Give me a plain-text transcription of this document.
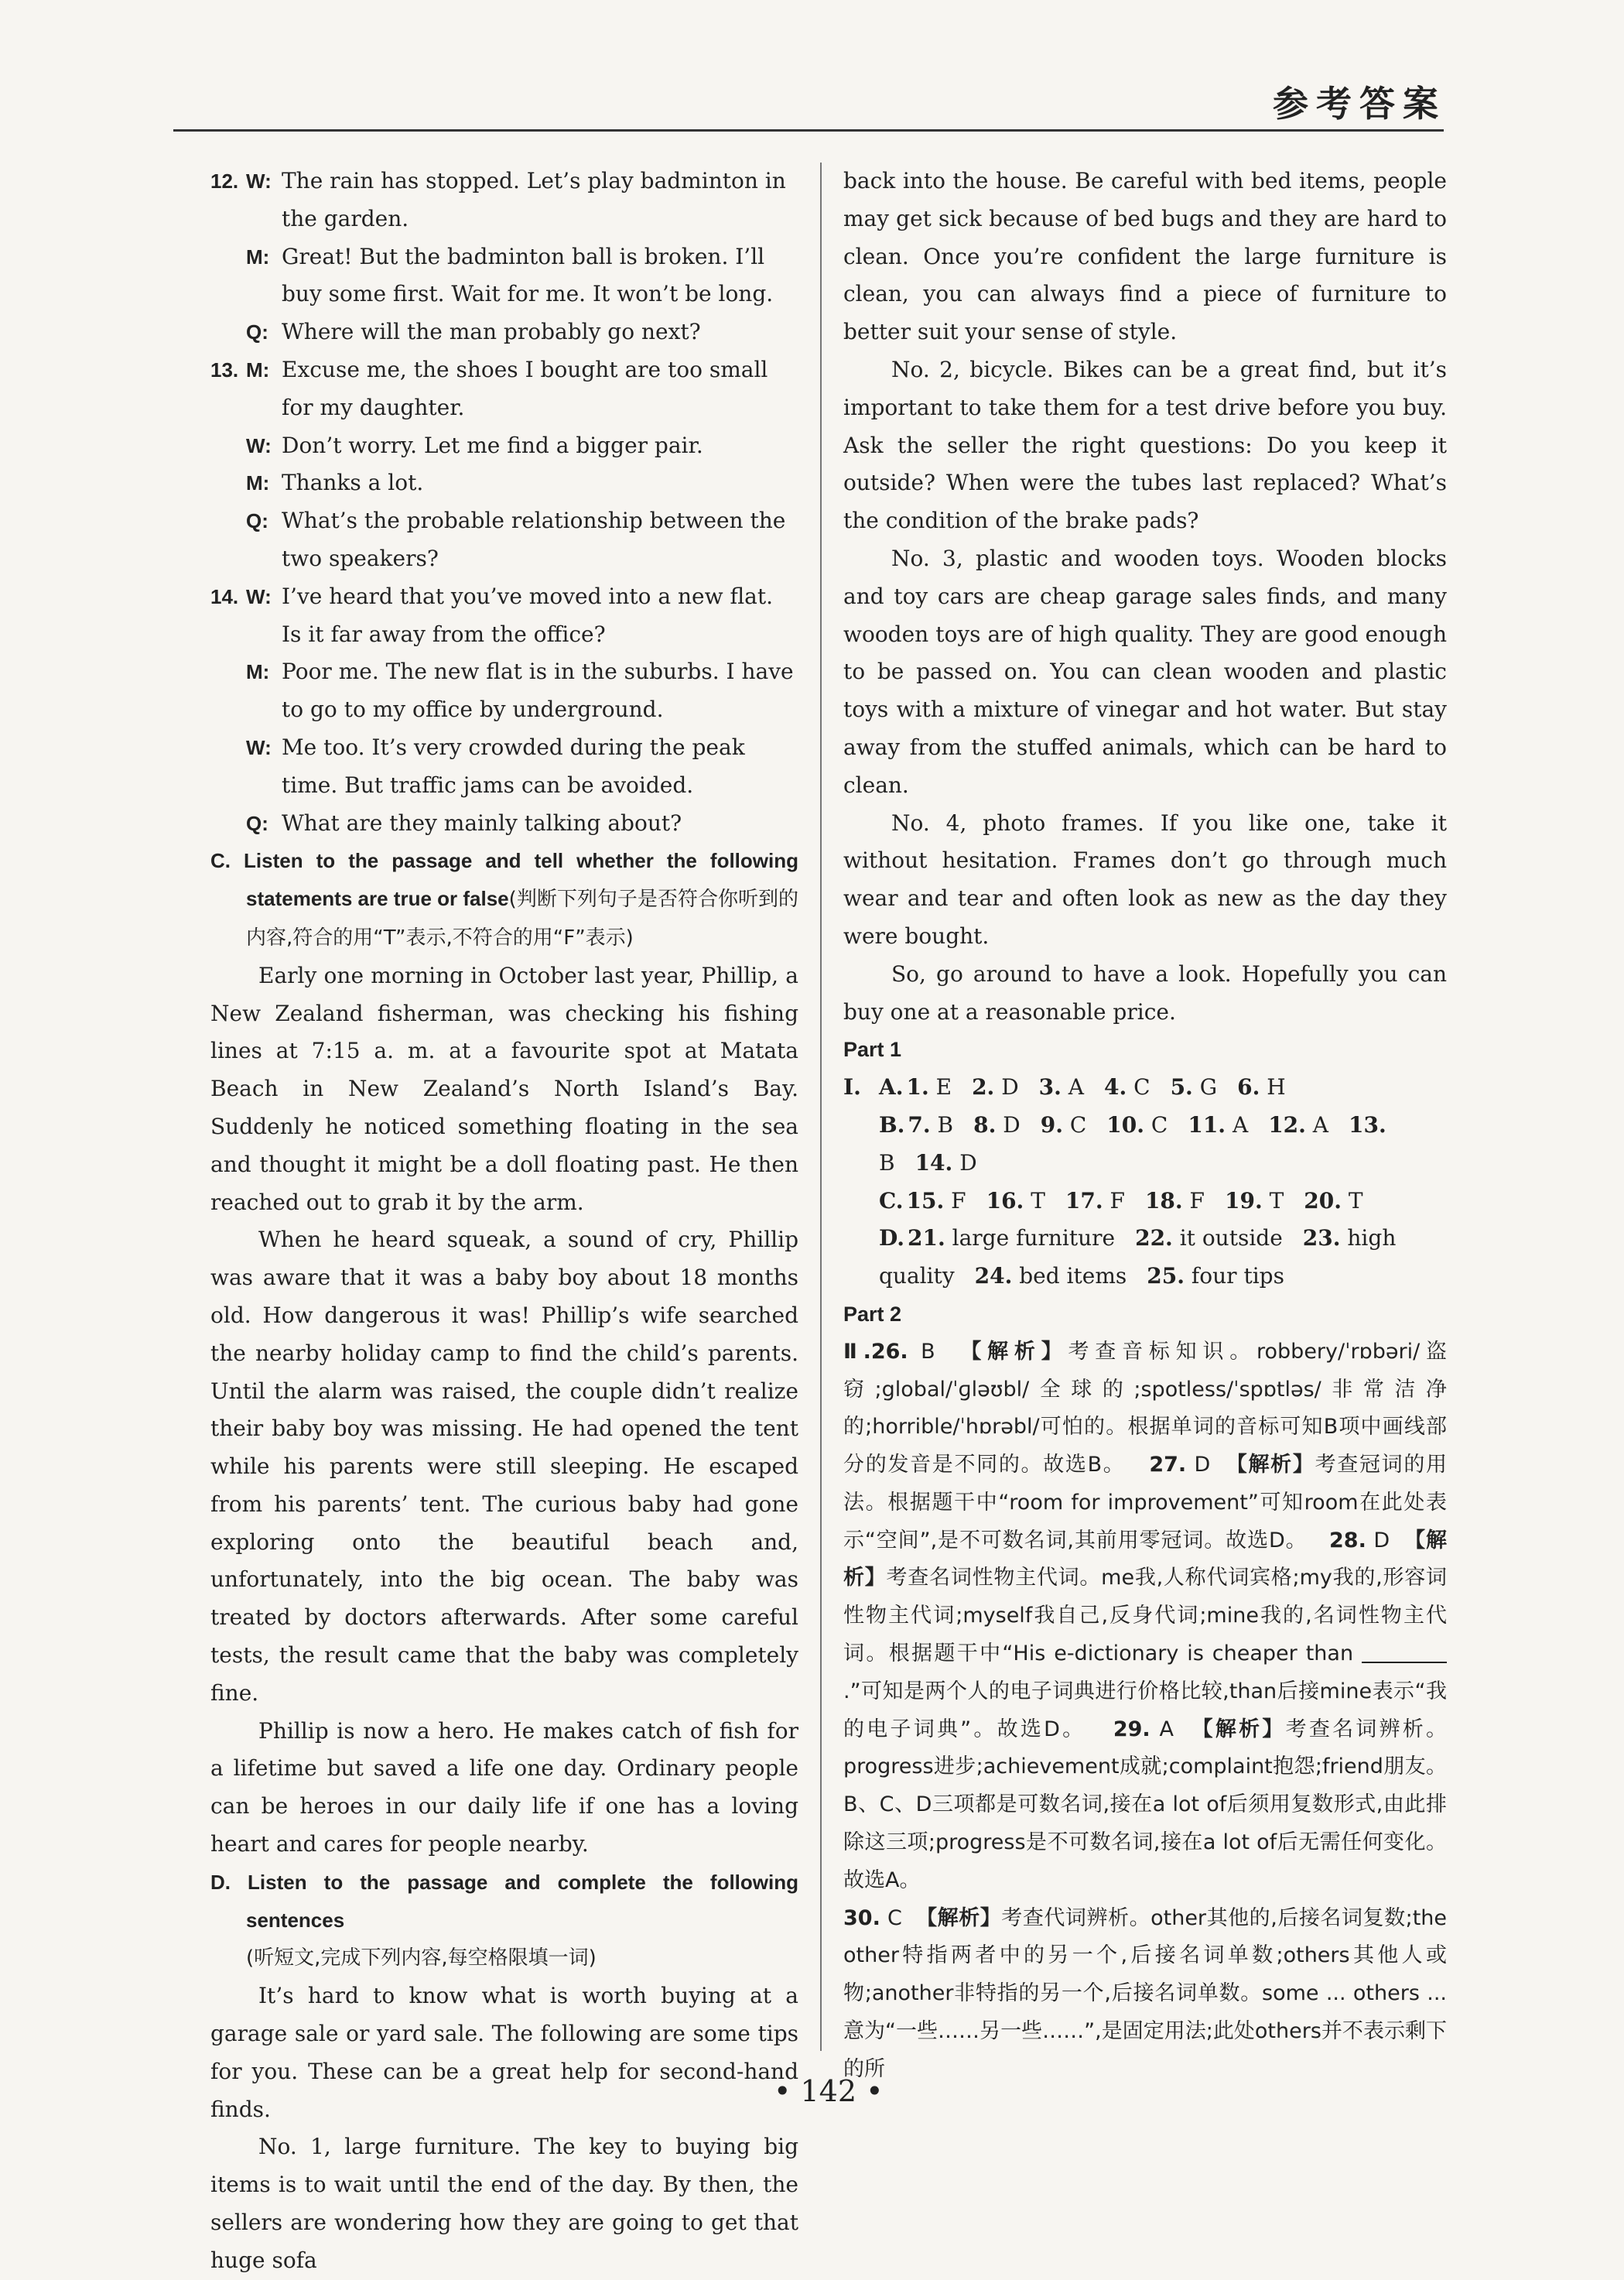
参考答案
12. W: The rain has stopped. Let’s play badminton in the garden.
M: Great! But the badminton ball is broken. I’ll buy some first. Wait for me. It won’t be long.
Q: Where will the man probably go next?
13. M: Excuse me, the shoes I bought are too small for my daughter.
W: Don’t worry. Let me find a bigger pair.
M: Thanks a lot.
Q: What’s the probable relationship between the two speakers?
14. W: I’ve heard that you’ve moved into a new flat. Is it far away from the office?
M: Poor me. The new flat is in the suburbs. I have to go to my office by underground.
W: Me too. It’s very crowded during the peak time. But traffic jams can be avoided.
Q: What are they mainly talking about?

C. Listen to the passage and tell whether the following statements are true or false(判断下列句子是否符合你听到的内容,符合的用“T”表示,不符合的用“F”表示)

Early one morning in October last year, Phillip, a New Zealand fisherman, was checking his fishing lines at 7:15 a. m. at a favourite spot at Matata Beach in New Zealand’s North Island’s Bay. Suddenly he noticed something floating in the sea and thought it might be a doll floating past. He then reached out to grab it by the arm.

When he heard squeak, a sound of cry, Phillip was aware that it was a baby boy about 18 months old. How dangerous it was! Phillip’s wife searched the nearby holiday camp to find the child’s parents. Until the alarm was raised, the couple didn’t realize their baby boy was missing. He had opened the tent while his parents were still sleeping. He escaped from his parents’ tent. The curious baby had gone exploring onto the beautiful beach and, unfortunately, into the big ocean. The baby was treated by doctors afterwards. After some careful tests, the result came that the baby was completely fine.

Phillip is now a hero. He makes catch of fish for a lifetime but saved a life one day. Ordinary people can be heroes in our daily life if one has a loving heart and cares for people nearby.

D. Listen to the passage and complete the following sentences
(听短文,完成下列内容,每空格限填一词)

It’s hard to know what is worth buying at a garage sale or yard sale. The following are some tips for you. These can be a great help for second-hand finds.

No. 1, large furniture. The key to buying big items is to wait until the end of the day. By then, the sellers are wondering how they are going to get that huge sofa

back into the house. Be careful with bed items, people may get sick because of bed bugs and they are hard to clean. Once you’re confident the large furniture is clean, you can always find a piece of furniture to better suit your sense of style.

No. 2, bicycle. Bikes can be a great find, but it’s important to take them for a test drive before you buy. Ask the seller the right questions: Do you keep it outside? When were the tubes last replaced? What’s the condition of the brake pads?

No. 3, plastic and wooden toys. Wooden blocks and toy cars are cheap garage sales finds, and many wooden toys are of high quality. They are good enough to be passed on. You can clean wooden and plastic toys with a mixture of vinegar and hot water. But stay away from the stuffed animals, which can be hard to clean.

No. 4, photo frames. If you like one, take it without hesitation. Frames don’t go through much wear and tear and often look as new as the day they were bought.

So, go around to have a look. Hopefully you can buy one at a reasonable price.

Part 1
Ⅰ. A. 1. E 2. D 3. A 4. C 5. G 6. H
B. 7. B 8. D 9. C 10. C 11. A 12. A 13. B 14. D
C. 15. F 16. T 17. F 18. F 19. T 20. T
D. 21. large furniture 22. it outside 23. high quality 24. bed items 25. four tips
Part 2

Ⅱ.26. B 【解析】考查音标知识。robbery/ˈrɒbəri/盗窃;global/ˈɡləʊbl/全球的;spotless/ˈspɒtləs/非常洁净的;horrible/ˈhɒrəbl/可怕的。根据单词的音标可知B项中画线部分的发音是不同的。故选B。 27. D 【解析】考查冠词的用法。根据题干中“room for improvement”可知room在此处表示“空间”,是不可数名词,其前用零冠词。故选D。 28. D 【解析】考查名词性物主代词。me我,人称代词宾格;my我的,形容词性物主代词;myself我自己,反身代词;mine我的,名词性物主代词。根据题干中“His e-dictionary is cheaper than .”可知是两个人的电子词典进行价格比较,than后接mine表示“我的电子词典”。故选D。 29. A 【解析】考查名词辨析。progress进步;achievement成就;complaint抱怨;friend朋友。B、C、D三项都是可数名词,接在a lot of后须用复数形式,由此排除这三项;progress是不可数名词,接在a lot of后无需任何变化。故选A。
30. C 【解析】考查代词辨析。other其他的,后接名词复数;the other特指两者中的另一个,后接名词单数;others其他人或物;another非特指的另一个,后接名词单数。some ... others ... 意为“一些……另一些……”,是固定用法;此处others并不表示剩下的所

• 142 •
